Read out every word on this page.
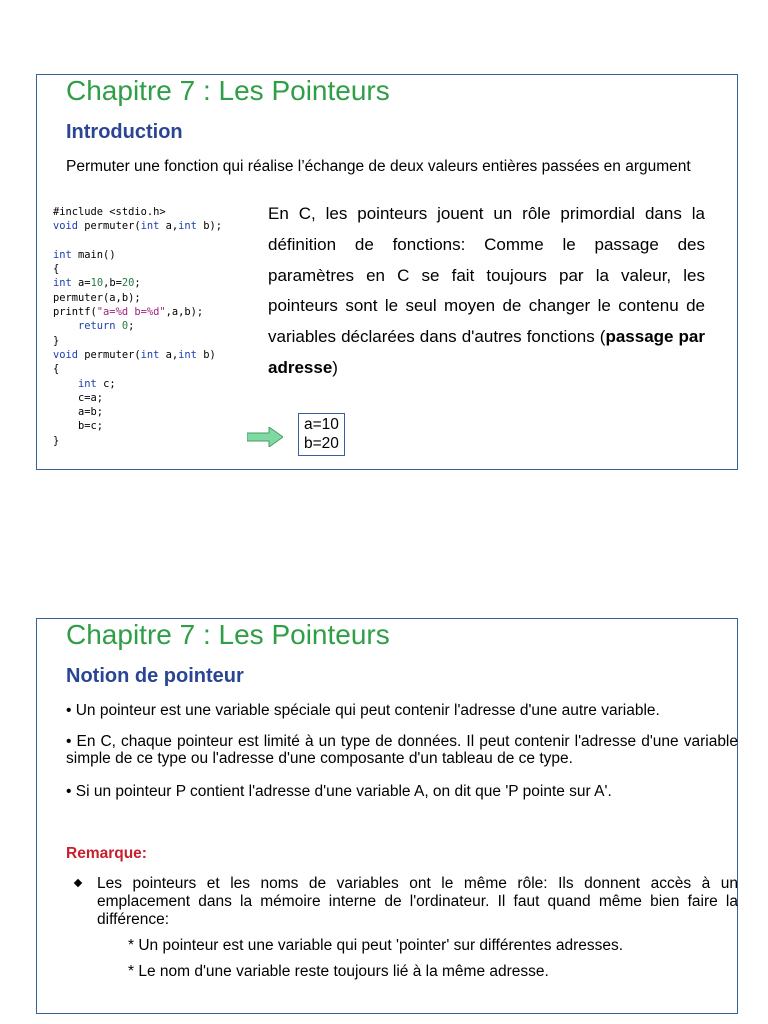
Chapitre 7 : Les Pointeurs
Introduction

Permuter une fonction qui réalise l’échange de deux valeurs entières passées en argument

#include <stdio.h>
void permuter(int a,int b);
int main()
{
int a=10,b=20;
permuter(a,b);
printf("a=%d b=%d",a,b);
return 0;
}
void permuter(int a,int b)
{
int c;
c=a;
a=b;
b=c;
}

En C, les pointeurs jouent un rôle primordial dans la définition de fonctions: Comme le passage des paramètres en C se fait toujours par la valeur, les pointeurs sont le seul moyen de changer le contenu de variables déclarées dans d'autres fonctions (passage par adresse)

a=10
b=20
Chapitre 7 : Les Pointeurs
Notion de pointeur

• Un pointeur est une variable spéciale qui peut contenir l'adresse d'une autre variable.

• En C, chaque pointeur est limité à un type de données. Il peut contenir l'adresse d'une variable simple de ce type ou l'adresse d'une composante d'un tableau de ce type.

• Si un pointeur P contient l'adresse d'une variable A, on dit que 'P pointe sur A'.

Remarque:

Les pointeurs et les noms de variables ont le même rôle: Ils donnent accès à un emplacement dans la mémoire interne de l'ordinateur. Il faut quand même bien faire la différence:

* Un pointeur est une variable qui peut 'pointer' sur différentes adresses.

* Le nom d'une variable reste toujours lié à la même adresse.
